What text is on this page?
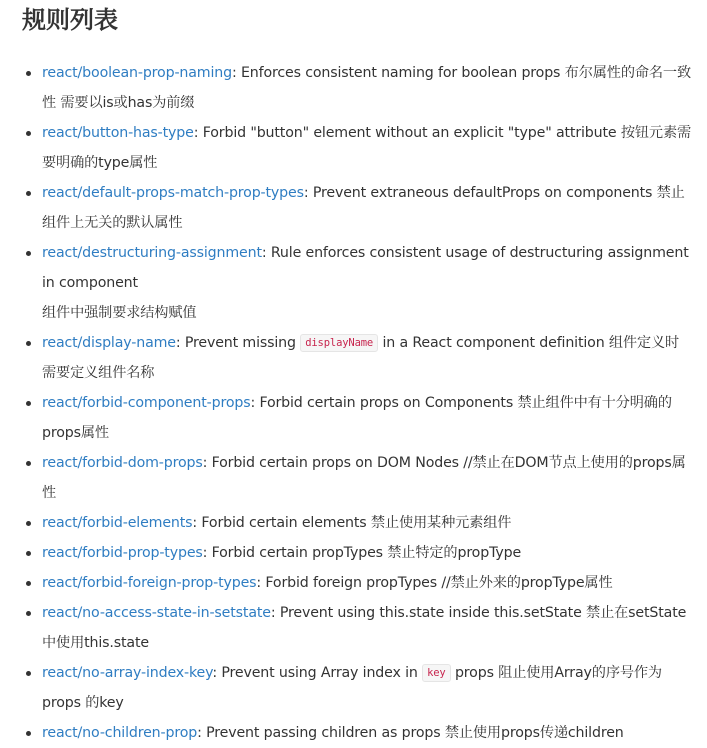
规则列表
react/boolean-prop-naming: Enforces consistent naming for boolean props 布尔属性的命名一致性 需要以is或has为前缀
react/button-has-type: Forbid "button" element without an explicit "type" attribute 按钮元素需要明确的type属性
react/default-props-match-prop-types: Prevent extraneous defaultProps on components 禁止组件上无关的默认属性
react/destructuring-assignment: Rule enforces consistent usage of destructuring assignment in component
组件中强制要求结构赋值
react/display-name: Prevent missing displayName in a React component definition 组件定义时需要定义组件名称
react/forbid-component-props: Forbid certain props on Components 禁止组件中有十分明确的props属性
react/forbid-dom-props: Forbid certain props on DOM Nodes //禁止在DOM节点上使用的props属性
react/forbid-elements: Forbid certain elements 禁止使用某种元素组件
react/forbid-prop-types: Forbid certain propTypes 禁止特定的propType
react/forbid-foreign-prop-types: Forbid foreign propTypes //禁止外来的propType属性
react/no-access-state-in-setstate: Prevent using this.state inside this.setState 禁止在setState中使用this.state
react/no-array-index-key: Prevent using Array index in key props 阻止使用Array的序号作为props 的key
react/no-children-prop: Prevent passing children as props 禁止使用props传递children
